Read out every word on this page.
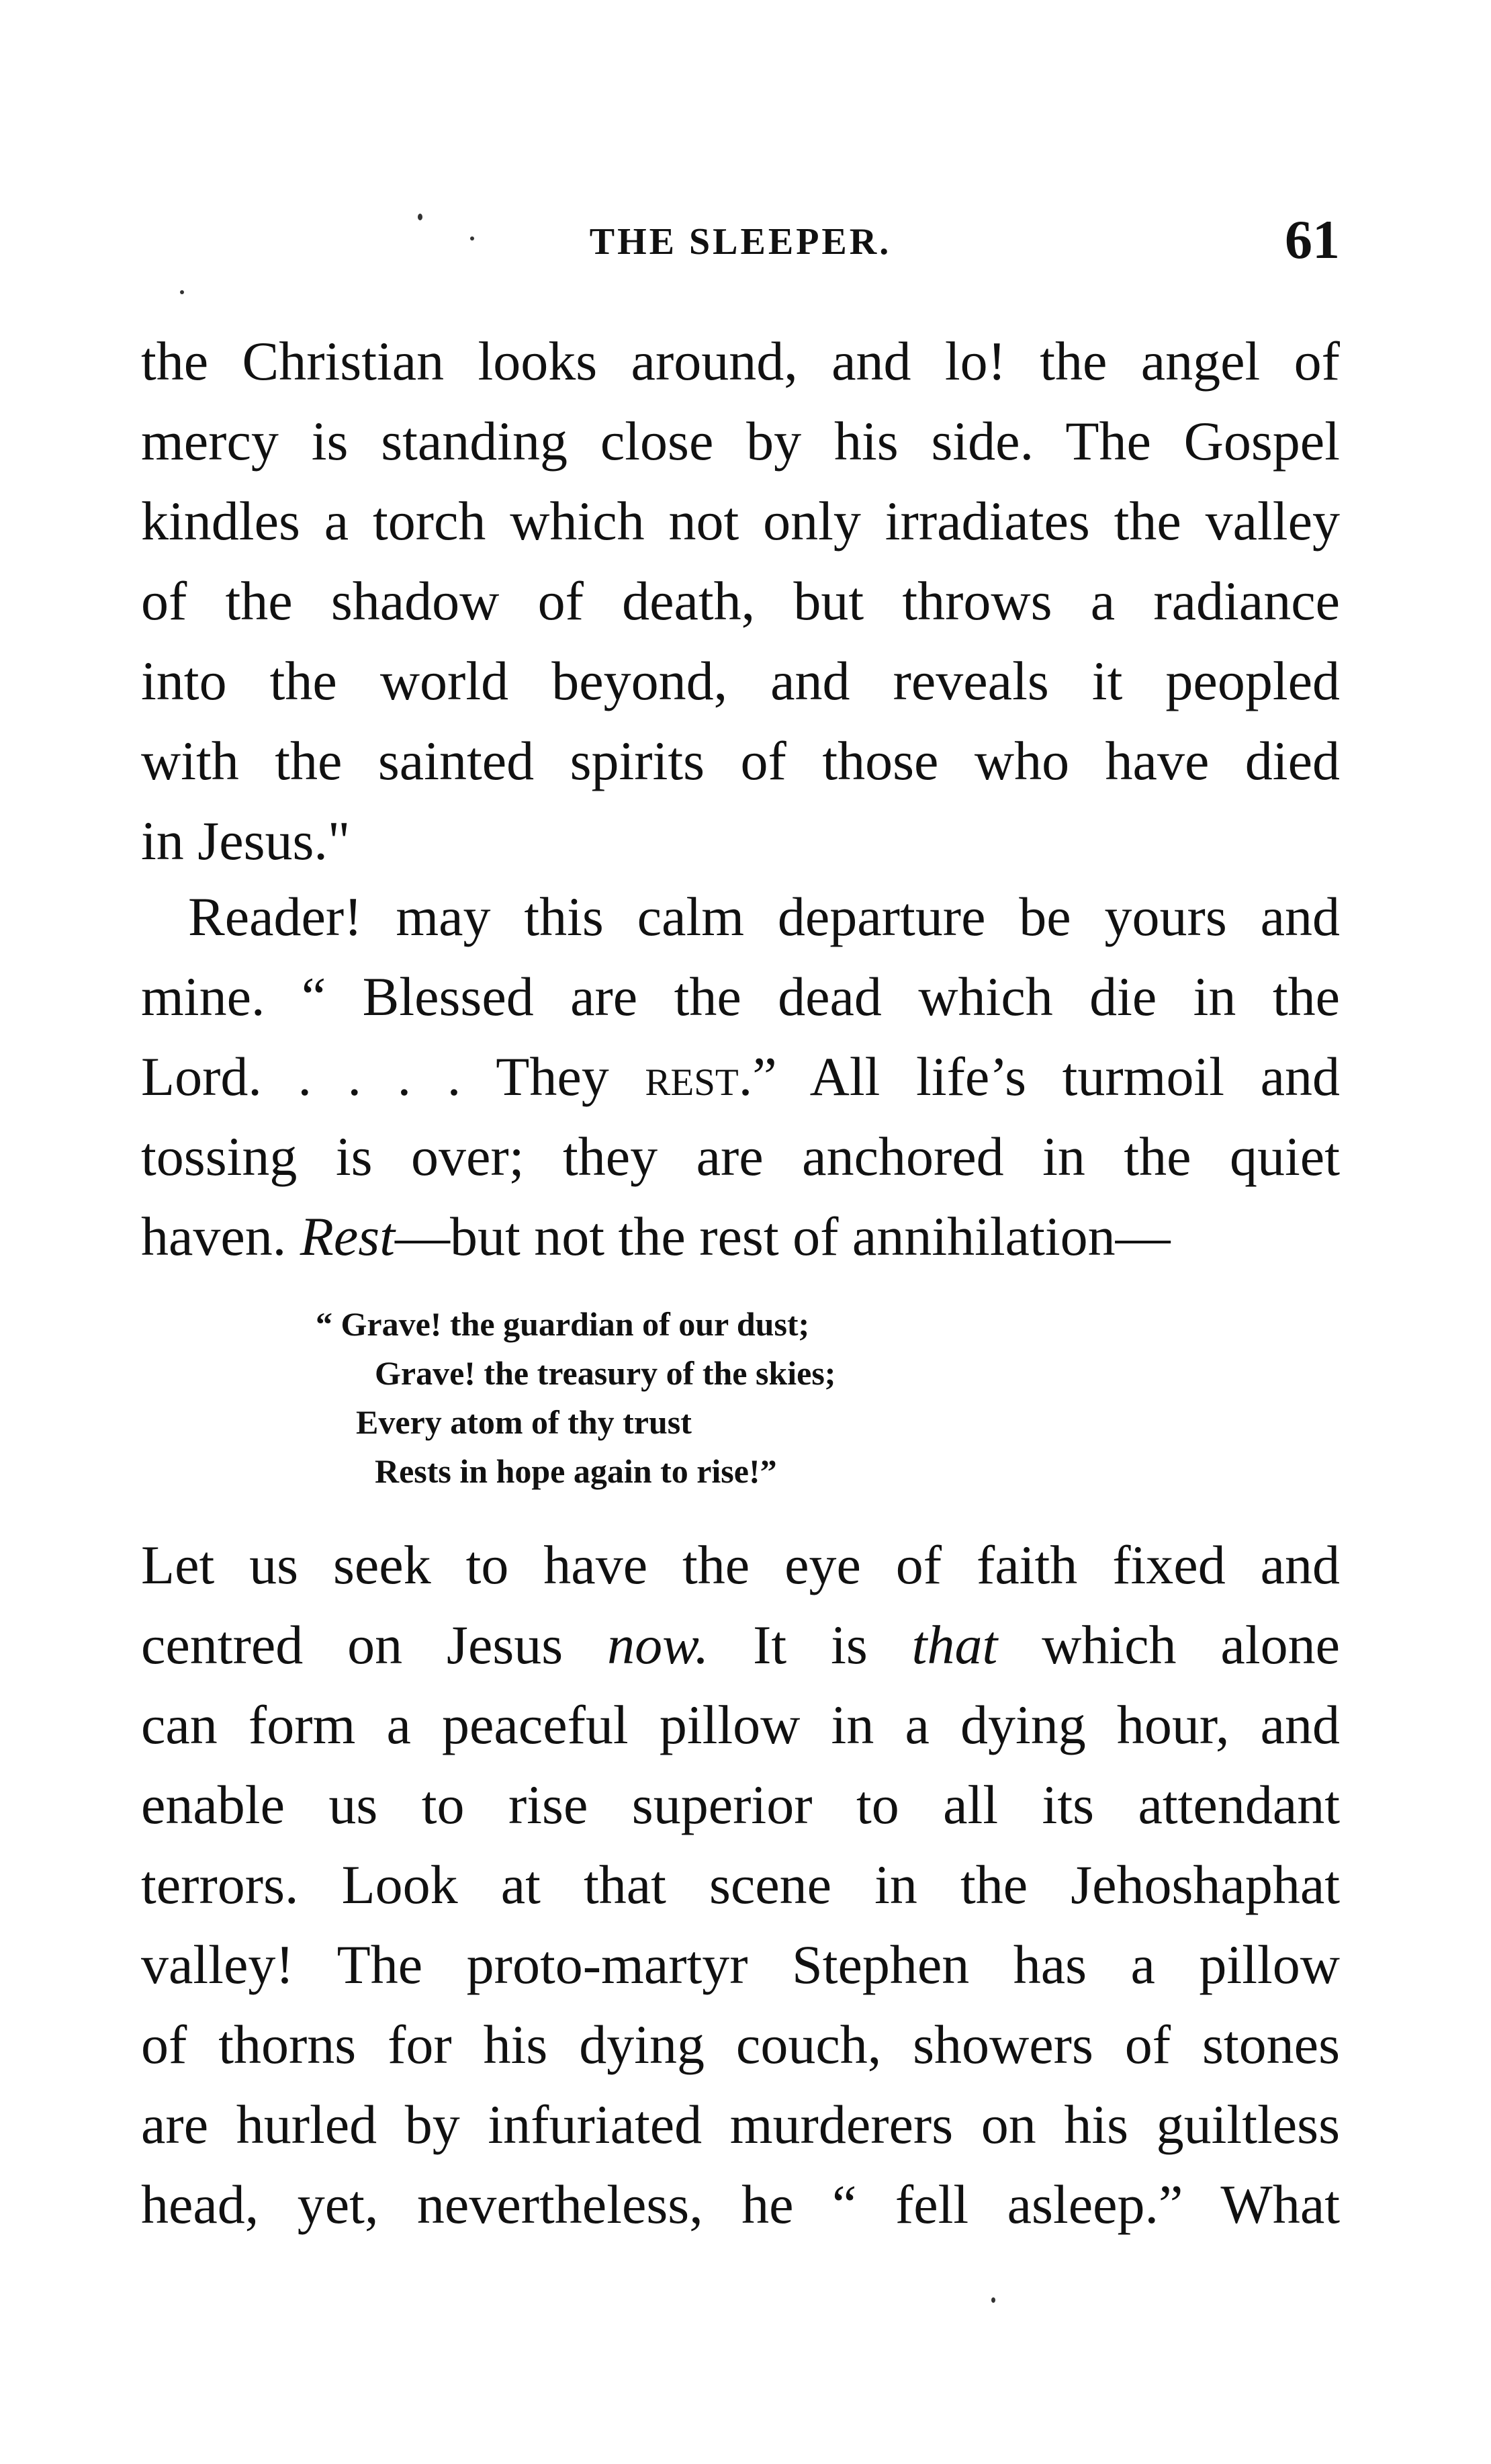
THE SLEEPER.	61
the Christian looks around, and lo! the angel of
mercy is standing close by his side. The Gospel
kindles a torch which not only irradiates the valley
of the shadow of death, but throws a radiance
into the world beyond, and reveals it peopled
with the sainted spirits of those who have died
in Jesus."
Reader! may this calm departure be yours and
mine. “ Blessed are the dead which die in the
Lord. . . . . They rest.” All life’s turmoil and
tossing is over; they are anchored in the quiet
haven. Rest—but not the rest of annihilation—
“ Grave! the guardian of our dust;
Grave! the treasury of the skies;
Every atom of thy trust
Rests in hope again to rise!”
Let us seek to have the eye of faith fixed and
centred on Jesus now. It is that which alone
can form a peaceful pillow in a dying hour, and
enable us to rise superior to all its attendant
terrors. Look at that scene in the Jehoshaphat
valley! The proto-martyr Stephen has a pillow
of thorns for his dying couch, showers of stones
are hurled by infuriated murderers on his guiltless
head, yet, nevertheless, he “ fell asleep.” What
